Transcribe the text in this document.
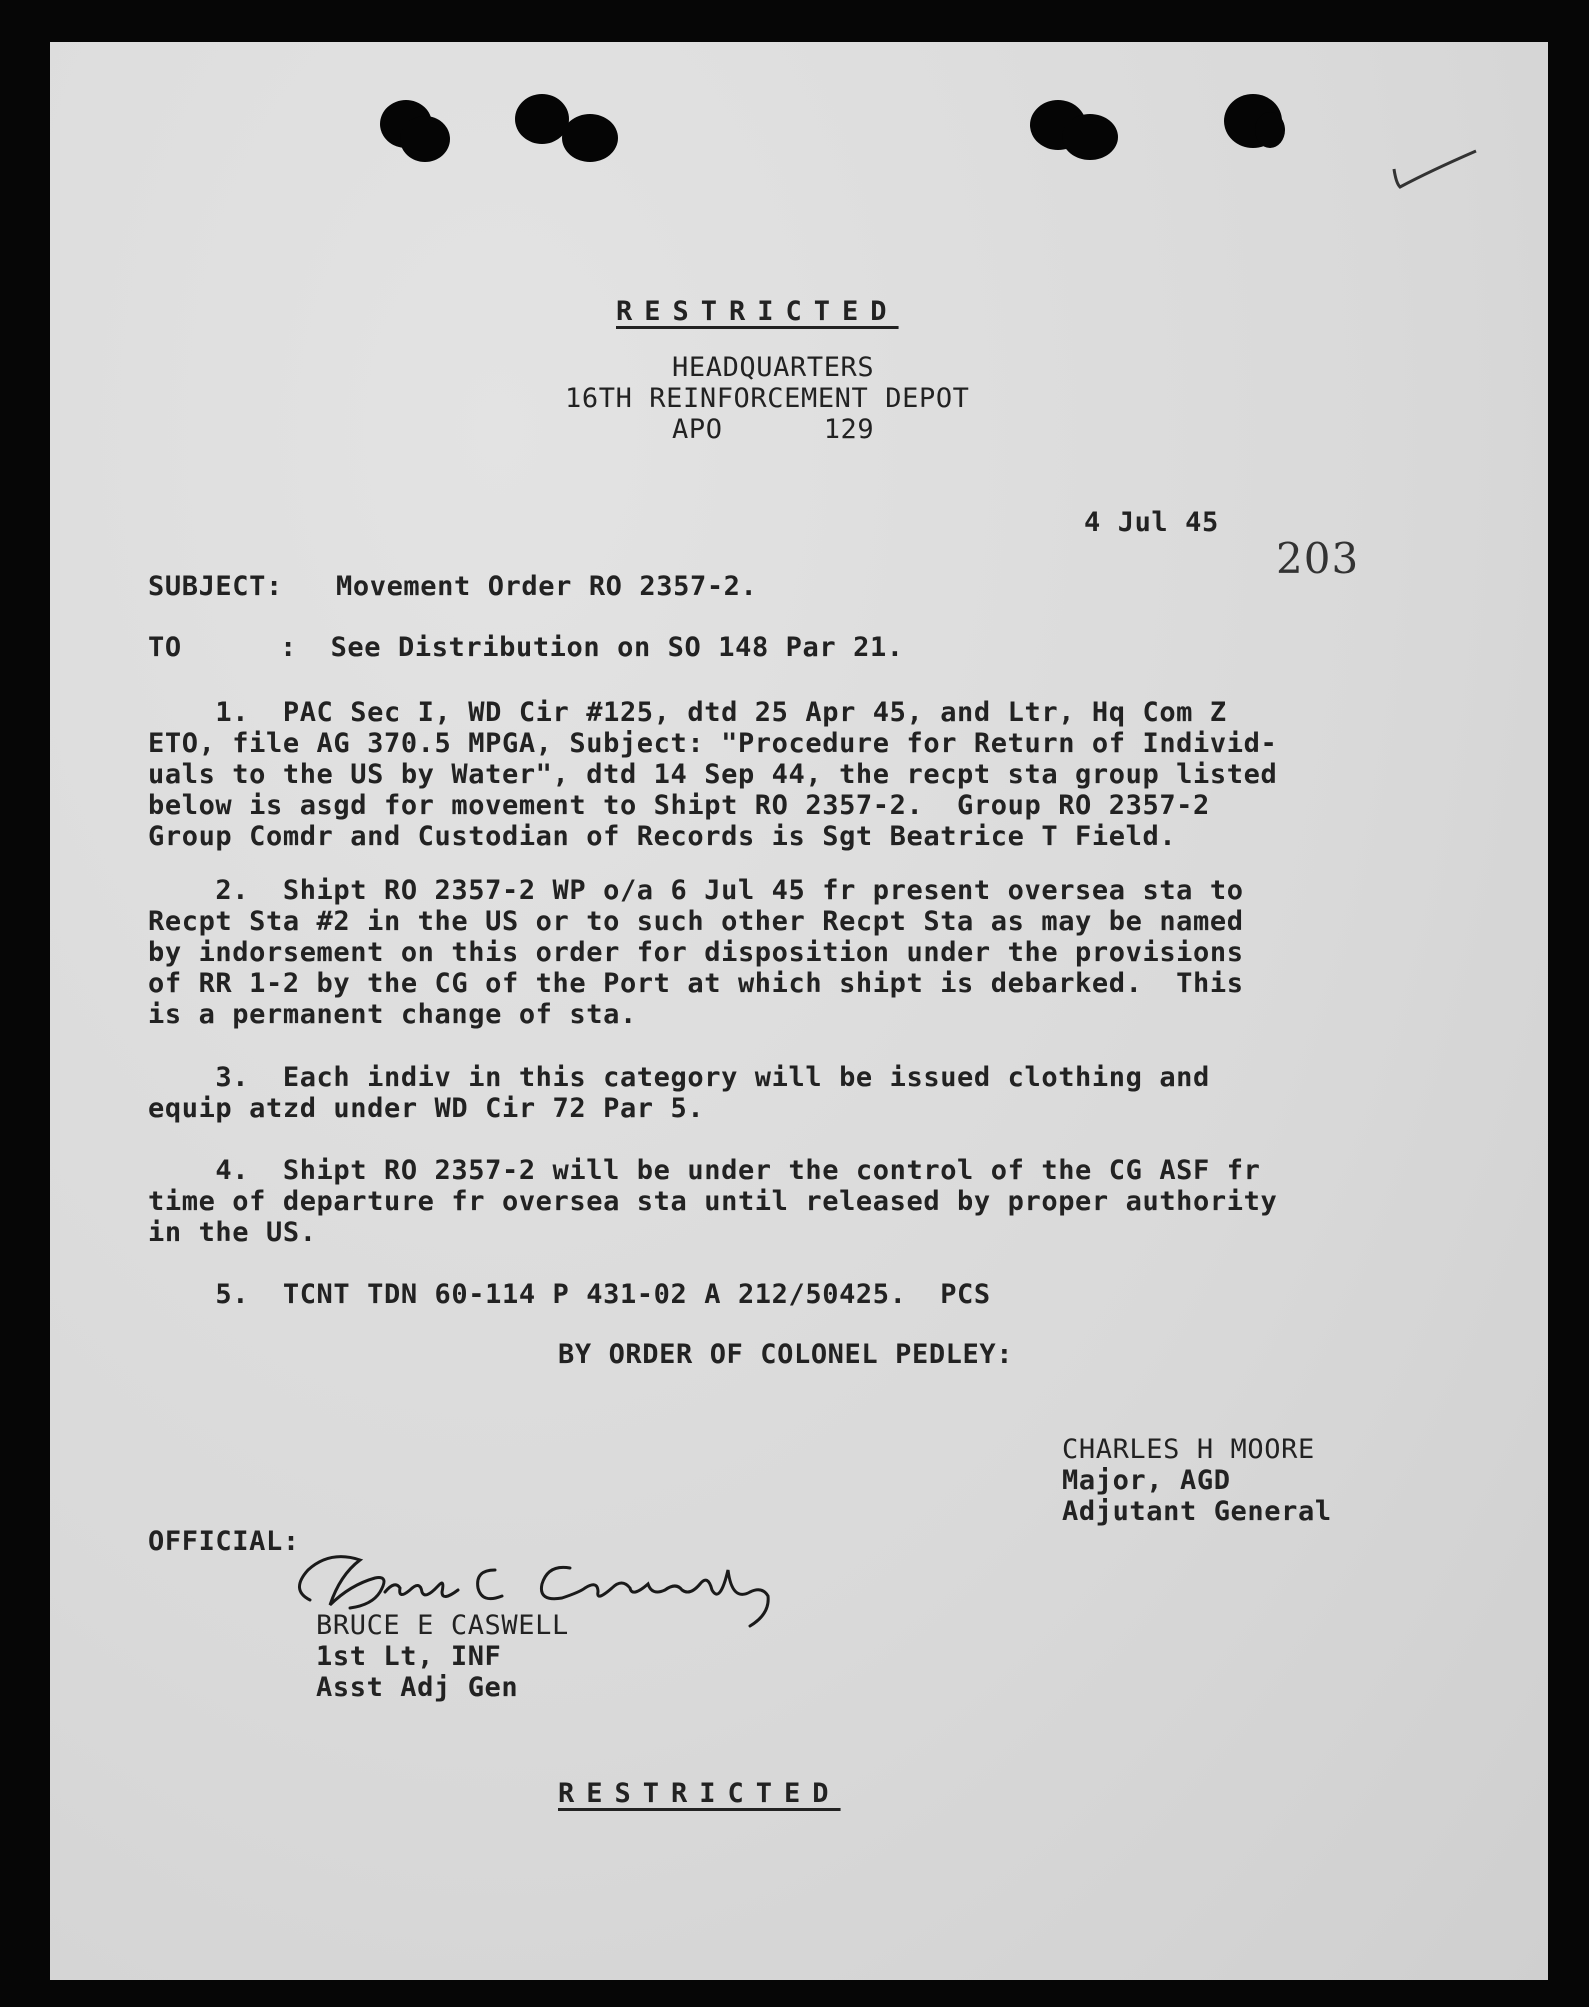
RESTRICTED
HEADQUARTERS
16TH REINFORCEMENT DEPOT
APO      129
4 Jul 45
203
SUBJECT: Movement Order RO 2357-2.
TO	:  See Distribution on SO 148 Par 21.
1.  PAC Sec I, WD Cir #125, dtd 25 Apr 45, and Ltr, Hq Com Z
ETO, file AG 370.5 MPGA, Subject: "Procedure for Return of Individ-
uals to the US by Water", dtd 14 Sep 44, the recpt sta group listed
below is asgd for movement to Shipt RO 2357-2.  Group RO 2357-2
Group Comdr and Custodian of Records is Sgt Beatrice T Field.
2.  Shipt RO 2357-2 WP o/a 6 Jul 45 fr present oversea sta to
Recpt Sta #2 in the US or to such other Recpt Sta as may be named
by indorsement on this order for disposition under the provisions
of RR 1-2 by the CG of the Port at which shipt is debarked.  This
is a permanent change of sta.
3.  Each indiv in this category will be issued clothing and
equip atzd under WD Cir 72 Par 5.
4.  Shipt RO 2357-2 will be under the control of the CG ASF fr
time of departure fr oversea sta until released by proper authority
in the US.
5.  TCNT TDN 60-114 P 431-02 A 212/50425.  PCS
BY ORDER OF COLONEL PEDLEY:
CHARLES H MOORE
Major, AGD
Adjutant General
OFFICIAL:
BRUCE E CASWELL
1st Lt, INF
Asst Adj Gen
RESTRICTED
